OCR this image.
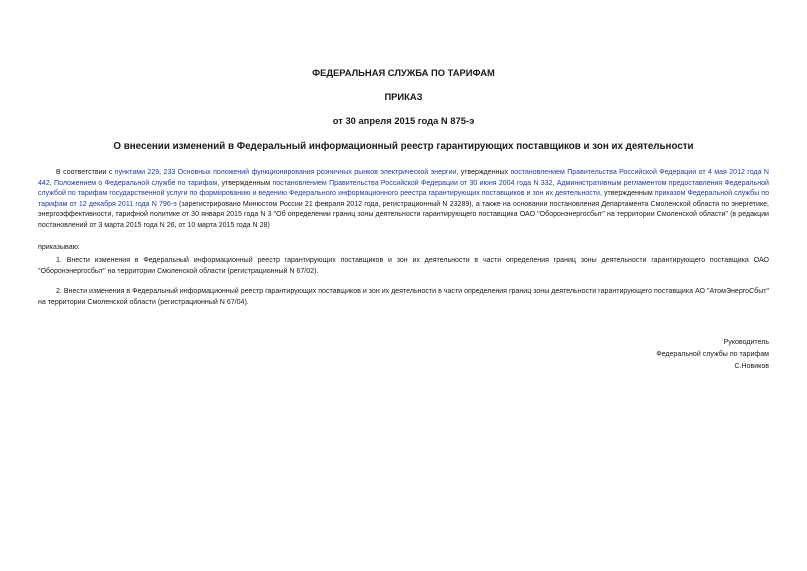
ФЕДЕРАЛЬНАЯ СЛУЖБА ПО ТАРИФАМ
ПРИКАЗ
от 30 апреля 2015 года N 875-э
О внесении изменений в Федеральный информационный реестр гарантирующих поставщиков и зон их деятельности

В соответствии с пунктами 229, 233 Основных положений функционирования розничных рынков электрической энергии, утвержденных постановлением Правительства Российской Федерации от 4 мая 2012 года N 442, Положением о Федеральной службе по тарифам, утвержденным постановлением Правительства Российской Федерации от 30 июня 2004 года N 332, Административным регламентом предоставления Федеральной службой по тарифам государственной услуги по формированию и ведению Федерального информационного реестра гарантирующих поставщиков и зон их деятельности, утвержденным приказом Федеральной службы по тарифам от 12 декабря 2011 года N 796-э (зарегистрировано Минюстом России 21 февраля 2012 года, регистрационный N 23289), а также на основании постановления Департамента Смоленской области по энергетике, энергоэффективности, тарифной политике от 30 января 2015 года N 3 "Об определении границ зоны деятельности гарантирующего поставщика ОАО "Оборонэнергосбыт" на территории Смоленской области" (в редакции постановлений от 3 марта 2015 года N 26, от 10 марта 2015 года N 28)

приказываю:

1. Внести изменения в Федеральный информационный реестр гарантирующих поставщиков и зон их деятельности в части определения границ зоны деятельности гарантирующего поставщика ОАО "Оборонэнергосбыт" на территории Смоленской области (регистрационный N 67/02).

2. Внести изменения в Федеральный информационный реестр гарантирующих поставщиков и зон их деятельности в части определения границ зоны деятельности гарантирующего поставщика АО "АтомЭнергоСбыт" на территории Смоленской области (регистрационный N 67/04).

Руководитель
Федеральной службы по тарифам
С.Новиков
